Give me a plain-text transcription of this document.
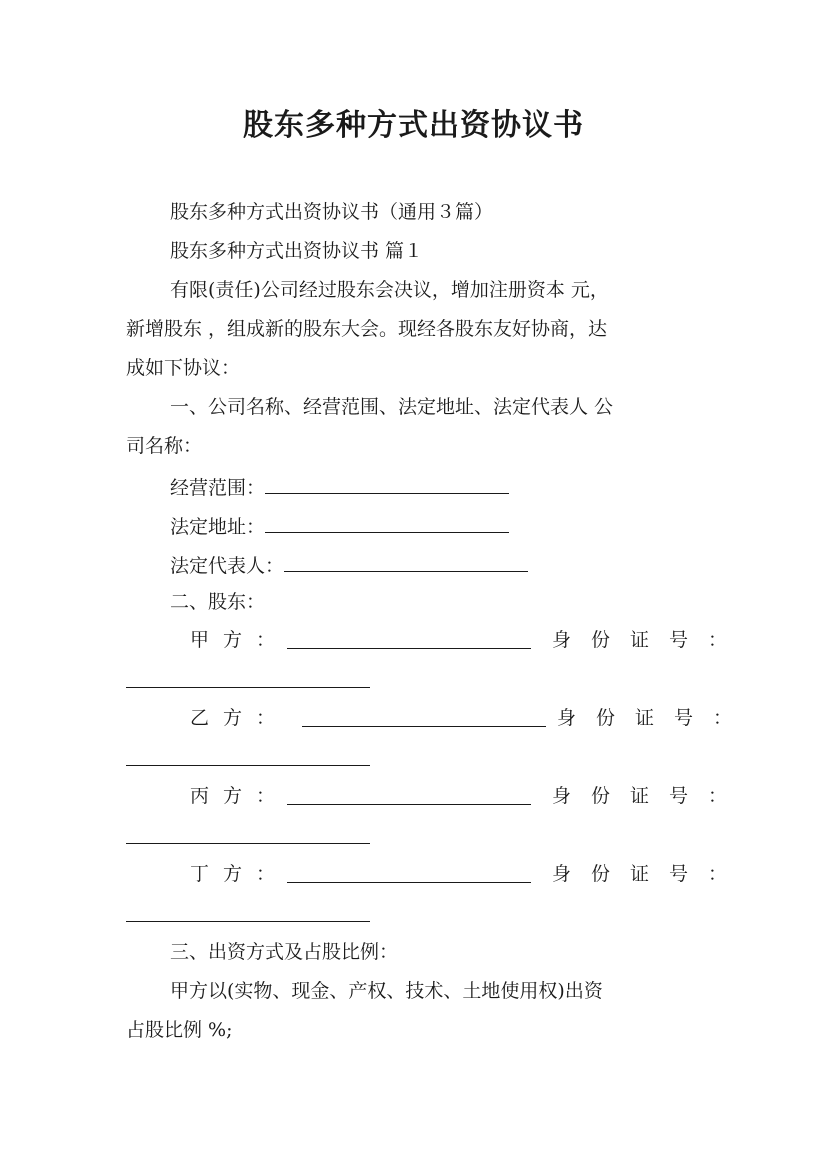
股东多种方式出资协议书
股东多种方式出资协议书（通用３篇）
股东多种方式出资协议书 篇１
有限(责任)公司经过股东会决议，增加注册资本 元，
新增股东 ，组成新的股东大会。现经各股东友好协商，达
成如下协议：
一、公司名称、经营范围、法定地址、法定代表人 公
司名称：
经营范围：
法定地址：
法定代表人：
二、股东：
甲方：	身份证号：
乙方：	身份证号：
丙方：	身份证号：
丁方：	身份证号：
三、出资方式及占股比例：
甲方以(实物、现金、产权、技术、土地使用权)出资
占股比例 %;
